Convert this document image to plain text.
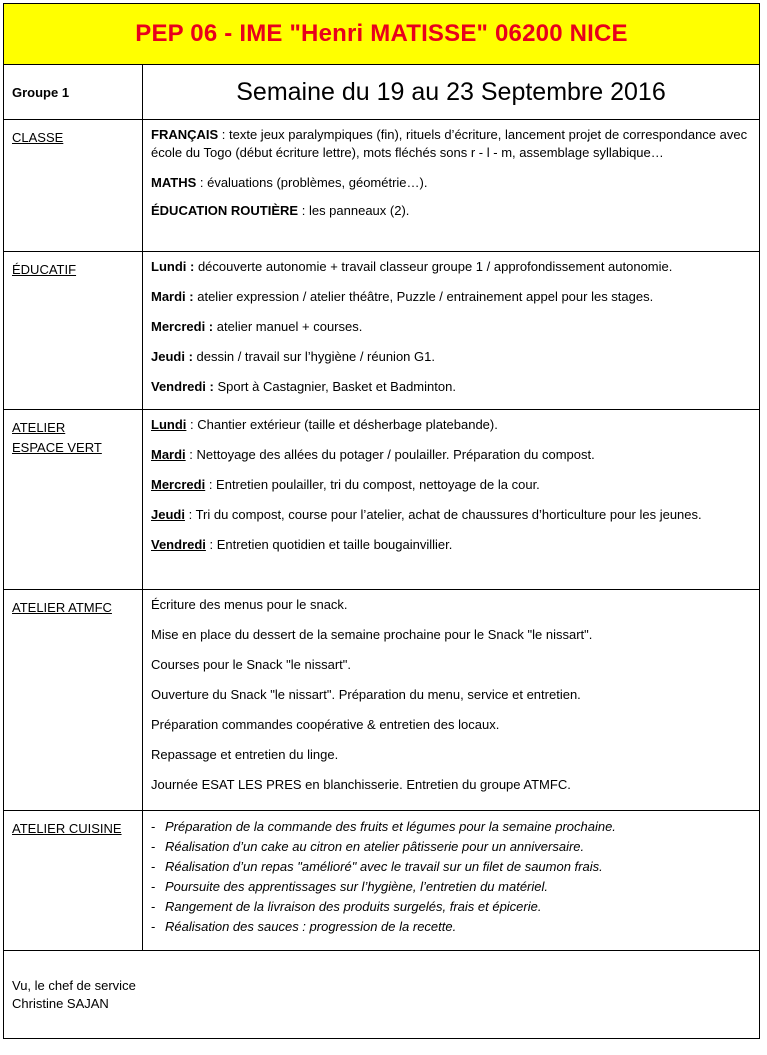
PEP 06 - IME "Henri MATISSE" 06200 NICE
Groupe 1	Semaine du 19 au 23 Septembre 2016
CLASSE	FRANÇAIS : texte jeux paralympiques (fin), rituels d’écriture, lancement projet de correspondance avec école du Togo (début écriture lettre), mots fléchés sons r - l - m, assemblage syllabique…

MATHS : évaluations (problèmes, géométrie…).

ÉDUCATION ROUTIÈRE : les panneaux (2).

ÉDUCATIF	Lundi : découverte autonomie + travail classeur groupe 1 / approfondissement autonomie.

Mardi : atelier expression / atelier théâtre, Puzzle / entrainement appel pour les stages.

Mercredi : atelier manuel + courses.

Jeudi : dessin / travail sur l’hygiène / réunion G1.

Vendredi : Sport à Castagnier, Basket et Badminton.

ATELIER
ESPACE VERT

Lundi : Chantier extérieur (taille et désherbage platebande).

Mardi : Nettoyage des allées du potager / poulailler. Préparation du compost.

Mercredi : Entretien poulailler, tri du compost, nettoyage de la cour.

Jeudi : Tri du compost, course pour l’atelier, achat de chaussures d’horticulture pour les jeunes.

Vendredi : Entretien quotidien et taille bougainvillier.

ATELIER ATMFC	Écriture des menus pour le snack.

Mise en place du dessert de la semaine prochaine pour le Snack "le nissart".

Courses pour le Snack "le nissart".

Ouverture du Snack "le nissart". Préparation du menu, service et entretien.

Préparation commandes coopérative & entretien des locaux.

Repassage et entretien du linge.

Journée ESAT LES PRES en blanchisserie. Entretien du groupe ATMFC.

ATELIER CUISINE
-	Préparation de la commande des fruits et légumes pour la semaine prochaine.
- Réalisation d’un cake au citron en atelier pâtisserie pour un anniversaire.
- Réalisation d’un repas "amélioré" avec le travail sur un filet de saumon frais.
- Poursuite des apprentissages sur l’hygiène, l’entretien du matériel.
- Rangement de la livraison des produits surgelés, frais et épicerie.
- Réalisation des sauces : progression de la recette.
Vu, le chef de service
Christine SAJAN
